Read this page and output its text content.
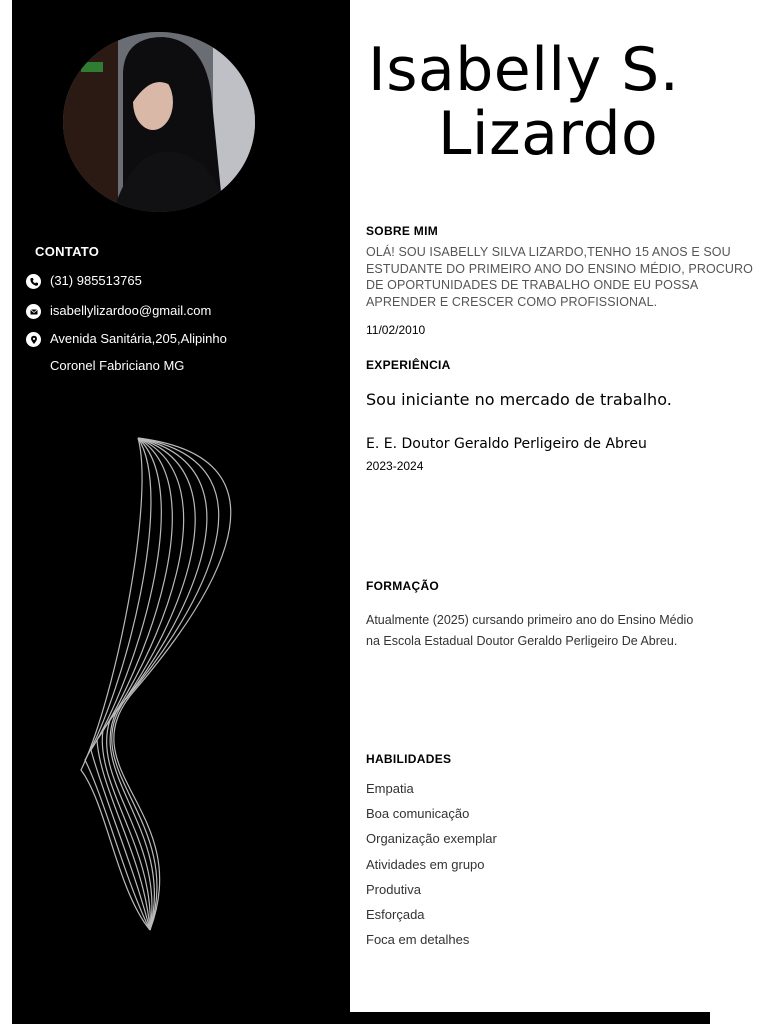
CONTATO
(31) 985513765
isabellylizardoo@gmail.com
Avenida Sanitária,205,Alipinho
Coronel Fabriciano MG
Isabelly S.
Lizardo
SOBRE MIM
OLÁ! SOU ISABELLY SILVA LIZARDO,TENHO 15 ANOS E SOU ESTUDANTE DO PRIMEIRO ANO DO ENSINO MÉDIO, PROCURO DE OPORTUNIDADES DE TRABALHO ONDE EU POSSA APRENDER E CRESCER COMO PROFISSIONAL.
11/02/2010
EXPERIÊNCIA
Sou iniciante no mercado de trabalho.
E. E. Doutor Geraldo Perligeiro de Abreu
2023-2024
FORMAÇÃO
Atualmente (2025) cursando primeiro ano do Ensino Médio na Escola Estadual Doutor Geraldo Perligeiro De Abreu.
HABILIDADES
Empatia
Boa comunicação
Organização exemplar
Atividades em grupo
Produtiva
Esforçada
Foca em detalhes
